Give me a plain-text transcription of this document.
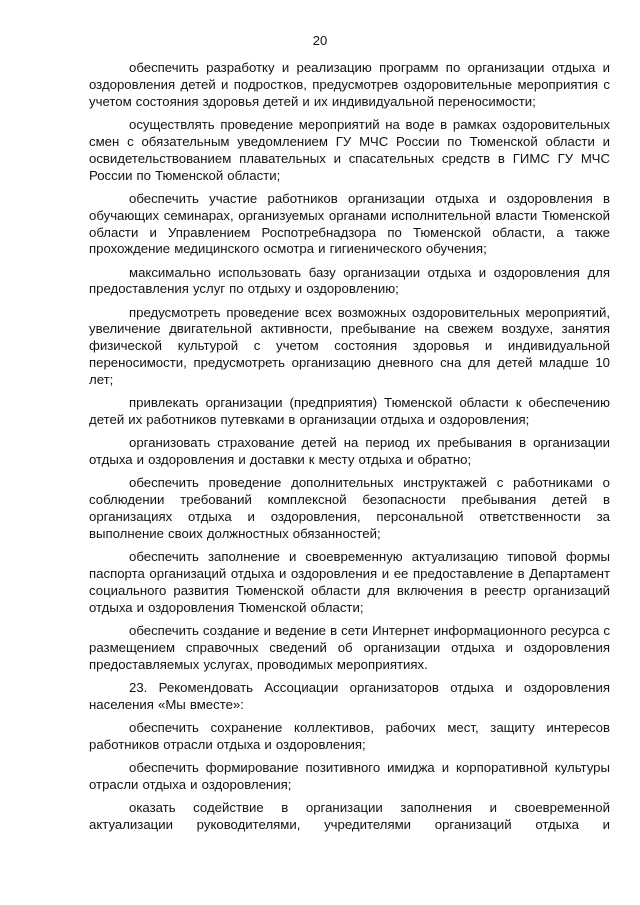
20

обеспечить разработку и реализацию программ по организации отдыха и оздоровления детей и подростков, предусмотрев оздоровительные мероприятия с учетом состояния здоровья детей и их индивидуальной переносимости;

осуществлять проведение мероприятий на воде в рамках оздоровительных смен с обязательным уведомлением ГУ МЧС России по Тюменской области и освидетельствованием плавательных и спасательных средств в ГИМС ГУ МЧС России по Тюменской области;

обеспечить участие работников организации отдыха и оздоровления в обучающих семинарах, организуемых органами исполнительной власти Тюменской области и Управлением Роспотребнадзора по Тюменской области, а также прохождение медицинского осмотра и гигиенического обучения;

максимально использовать базу организации отдыха и оздоровления для предоставления услуг по отдыху и оздоровлению;

предусмотреть проведение всех возможных оздоровительных мероприятий, увеличение двигательной активности, пребывание на свежем воздухе, занятия физической культурой с учетом состояния здоровья и индивидуальной переносимости, предусмотреть организацию дневного сна для детей младше 10 лет;

привлекать организации (предприятия) Тюменской области к обеспечению детей их работников путевками в организации отдыха и оздоровления;

организовать страхование детей на период их пребывания в организации отдыха и оздоровления и доставки к месту отдыха и обратно;

обеспечить проведение дополнительных инструктажей с работниками о соблюдении требований комплексной безопасности пребывания детей в организациях отдыха и оздоровления, персональной ответственности за выполнение своих должностных обязанностей;

обеспечить заполнение и своевременную актуализацию типовой формы паспорта организаций отдыха и оздоровления и ее предоставление в Департамент социального развития Тюменской области для включения в реестр организаций отдыха и оздоровления Тюменской области;

обеспечить создание и ведение в сети Интернет информационного ресурса с размещением справочных сведений об организации отдыха и оздоровления предоставляемых услугах, проводимых мероприятиях.

23. Рекомендовать Ассоциации организаторов отдыха и оздоровления населения «Мы вместе»:

обеспечить сохранение коллективов, рабочих мест, защиту интересов работников отрасли отдыха и оздоровления;

обеспечить формирование позитивного имиджа и корпоративной культуры отрасли отдыха и оздоровления;

оказать содействие в организации заполнения и своевременной актуализации руководителями, учредителями организаций отдыха и
